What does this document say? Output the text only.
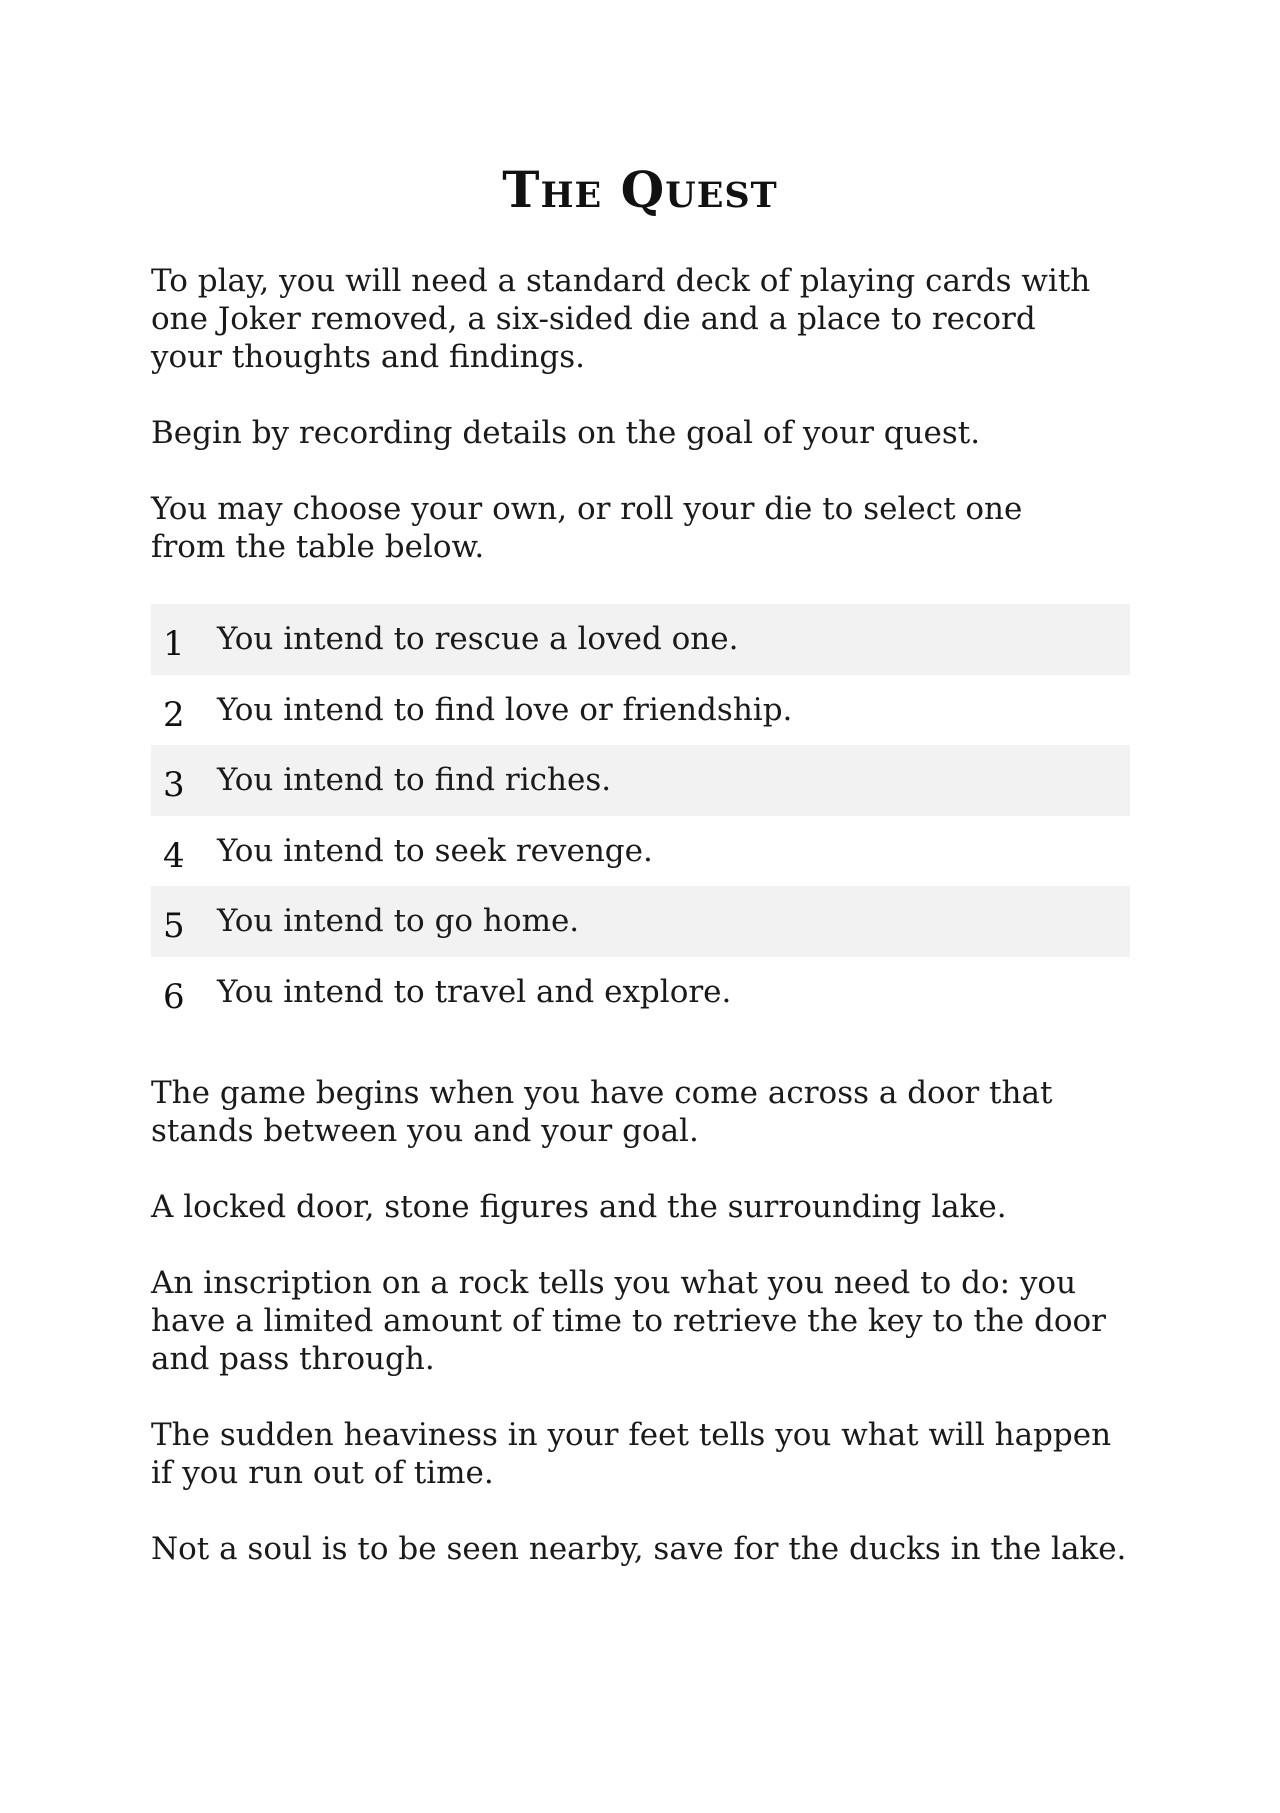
The Quest
To play, you will need a standard deck of playing cards with one Joker removed, a six-sided die and a place to record your thoughts and findings.
Begin by recording details on the goal of your quest.
You may choose your own, or roll your die to select one from the table below.
1	You intend to rescue a loved one.
2	You intend to find love or friendship.
3	You intend to find riches.
4	You intend to seek revenge.
5	You intend to go home.
6	You intend to travel and explore.
The game begins when you have come across a door that stands between you and your goal.
A locked door, stone figures and the surrounding lake.
An inscription on a rock tells you what you need to do: you have a limited amount of time to retrieve the key to the door and pass through.
The sudden heaviness in your feet tells you what will happen if you run out of time.
Not a soul is to be seen nearby, save for the ducks in the lake.
